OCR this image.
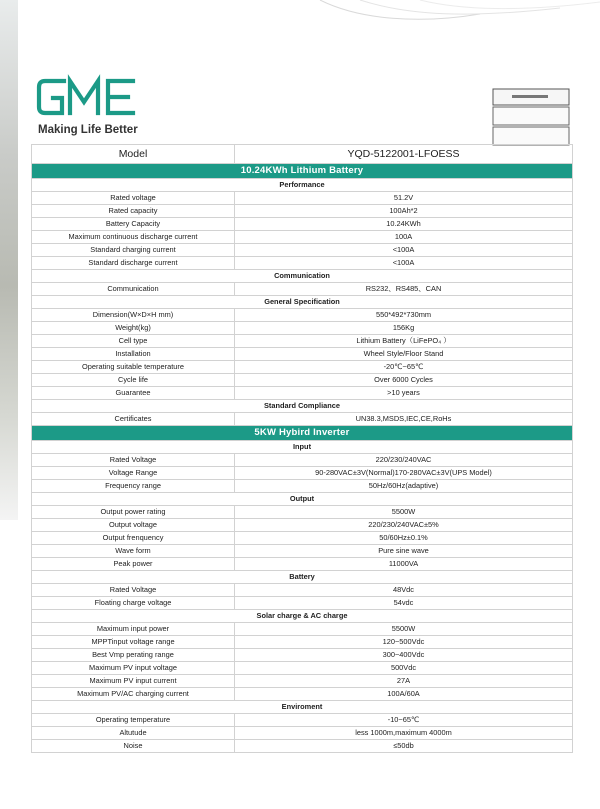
Making Life Better
Model	YQD-5122001-LFOESS
10.24KWh Lithium Battery	
Performance	
Rated voltage	51.2V
Rated capacity	100Ah*2
Battery Capacity	10.24KWh
Maximum continuous discharge current	100A
Standard charging current	<100A
Standard discharge current	<100A
Communication	
Communication	RS232、RS485、CAN
General Specification	
Dimension(W×D×H mm)	550*492*730mm
Weight(kg)	156Kg
Cell type	Lithium Battery（LiFePO₄ ）
Installation	Wheel Style/Floor Stand
Operating suitable temperature	-20℃~65℃
Cycle life	Over 6000 Cycles
Guarantee	>10 years
Standard Compliance	
Certificates	UN38.3,MSDS,IEC,CE,RoHs
5KW Hybird Inverter	
Input	
Rated Voltage	220/230/240VAC
Voltage Range	90-280VAC±3V(Normal)170-280VAC±3V(UPS Model)
Frequency range	50Hz/60Hz(adaptive)
Output	
Output power rating	5500W
Output voltage	220/230/240VAC±5%
Output frenquency	50/60Hz±0.1%
Wave form	Pure sine wave
Peak power	11000VA
Battery	
Rated Voltage	48Vdc
Floating charge voltage	54vdc
Solar charge & AC charge	
Maximum input power	5500W
MPPTinput voltage range	120~500Vdc
Best Vmp perating range	300~400Vdc
Maximum PV input voltage	500Vdc
Maximum PV input current	27A
Maximum PV/AC charging current	100A/60A
Enviroment	
Operating temperature	-10~65℃
Altutude	less 1000m,maximum 4000m
Noise	≤50db
